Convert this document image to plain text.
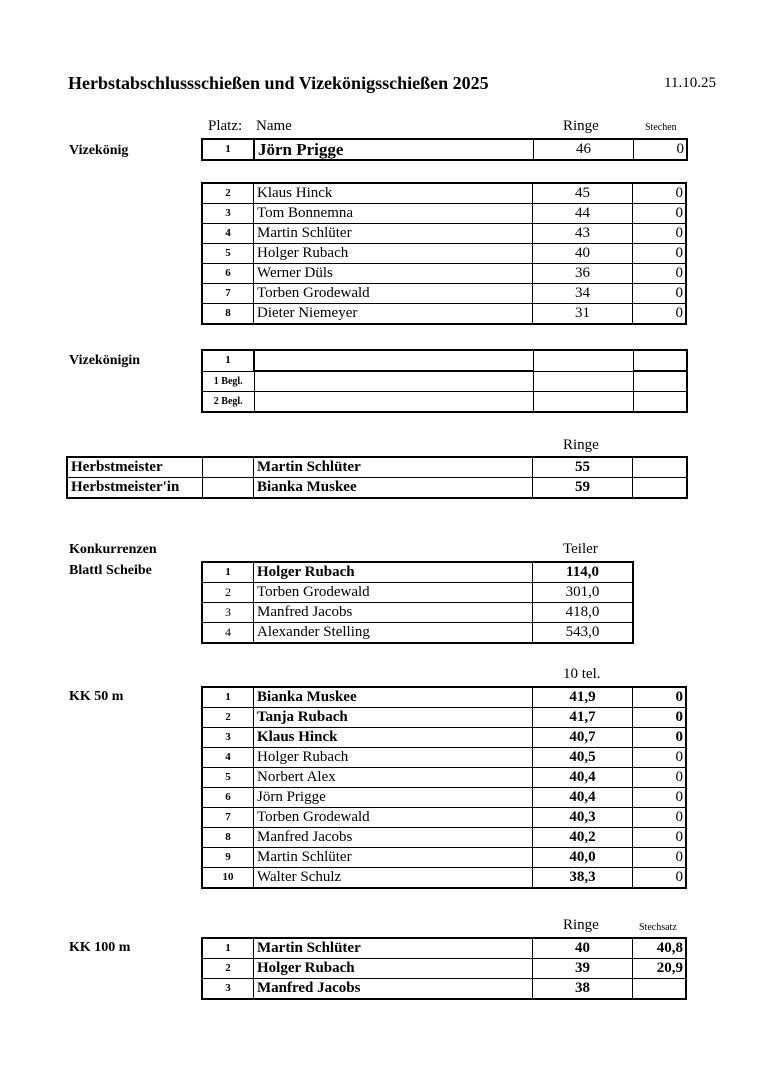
Herbstabschlussschießen und Vizekönigsschießen 2025	11.10.25
Platz: Name	Ringe	Stechen
Vizekönig	1	Jörn Prigge	46	0
2	Klaus Hinck	45	0
3	Tom Bonnemna	44	0
4	Martin Schlüter	43	0
5	Holger Rubach	40	0
6	Werner Düls	36	0
7	Torben Grodewald	34	0
8	Dieter Niemeyer	31	0
Vizekönigin	1			
1 Begl.			
2 Begl.			
Ringe
Herbstmeister		Martin Schlüter	55	
Herbstmeister'in		Bianka Muskee	59	
Konkurrenzen	Teiler
Blattl Scheibe	1	Holger Rubach	114,0
2	Torben Grodewald	301,0
3	Manfred Jacobs	418,0
4	Alexander Stelling	543,0
10 tel.
KK 50 m	1	Bianka Muskee	41,9	0
2	Tanja Rubach	41,7	0
3	Klaus Hinck	40,7	0
4	Holger Rubach	40,5	0
5	Norbert Alex	40,4	0
6	Jörn Prigge	40,4	0
7	Torben Grodewald	40,3	0
8	Manfred Jacobs	40,2	0
9	Martin Schlüter	40,0	0
10	Walter Schulz	38,3	0
Ringe	Stechsatz
KK 100 m	1	Martin Schlüter	40	40,8
2	Holger Rubach	39	20,9
3	Manfred Jacobs	38	
